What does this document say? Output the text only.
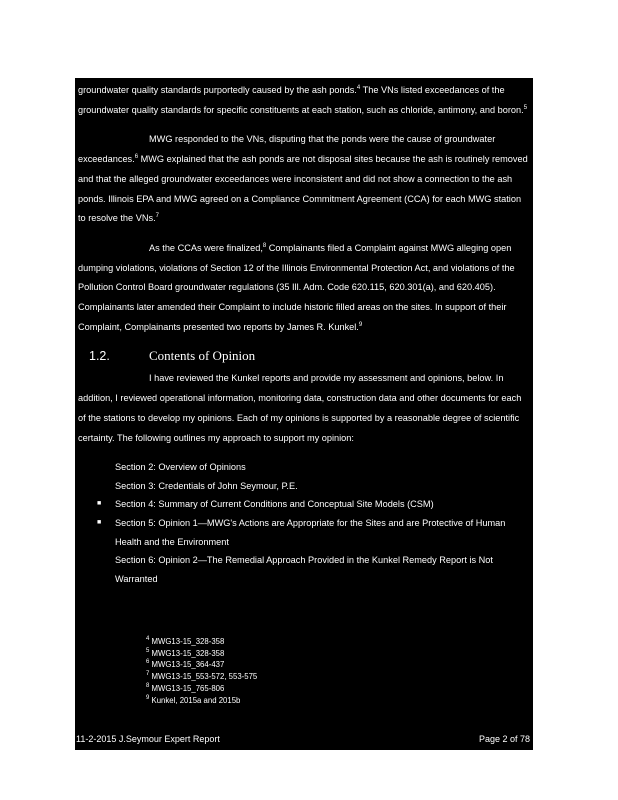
groundwater quality standards purportedly caused by the ash ponds.$^4$ The VNs listed exceedances of the groundwater quality standards for specific constituents at each station, such as chloride, antimony, and boron.$^5$

MWG responded to the VNs, disputing that the ponds were the cause of groundwater exceedances.$^6$ MWG explained that the ash ponds are not disposal sites because the ash is routinely removed and that the alleged groundwater exceedances were inconsistent and did not show a connection to the ash ponds. Illinois EPA and MWG agreed on a Compliance Commitment Agreement (CCA) for each MWG station to resolve the VNs.$^7$

As the CCAs were finalized,$^8$ Complainants filed a Complaint against MWG alleging open dumping violations, violations of Section 12 of the Illinois Environmental Protection Act, and violations of the Pollution Control Board groundwater regulations (35 Ill. Adm. Code 620.115, 620.301(a), and 620.405). Complainants later amended their Complaint to include historic filled areas on the sites. In support of their Complaint, Complainants presented two reports by James R. Kunkel.$^9$

1.2.	Contents of Opinion

I have reviewed the Kunkel reports and provide my assessment and opinions, below. In addition, I reviewed operational information, monitoring data, construction data and other documents for each of the stations to develop my opinions. Each of my opinions is supported by a reasonable degree of scientific certainty. The following outlines my approach to support my opinion:

Section 2: Overview of Opinions
Section 3: Credentials of John Seymour, P.E.
■ Section 4: Summary of Current Conditions and Conceptual Site Models (CSM)
■ Section 5: Opinion 1—MWG's Actions are Appropriate for the Sites and are Protective of Human Health and the Environment
Section 6: Opinion 2—The Remedial Approach Provided in the Kunkel Remedy Report is Not Warranted
$^4$ MWG13-15_328-358
$^5$ MWG13-15_328-358
$^6$ MWG13-15_364-437
$^7$ MWG13-15_553-572, 553-575
$^8$ MWG13-15_765-806
$^9$ Kunkel, 2015a and 2015b
11-2-2015 J.Seymour Expert Report	Page 2 of 78
